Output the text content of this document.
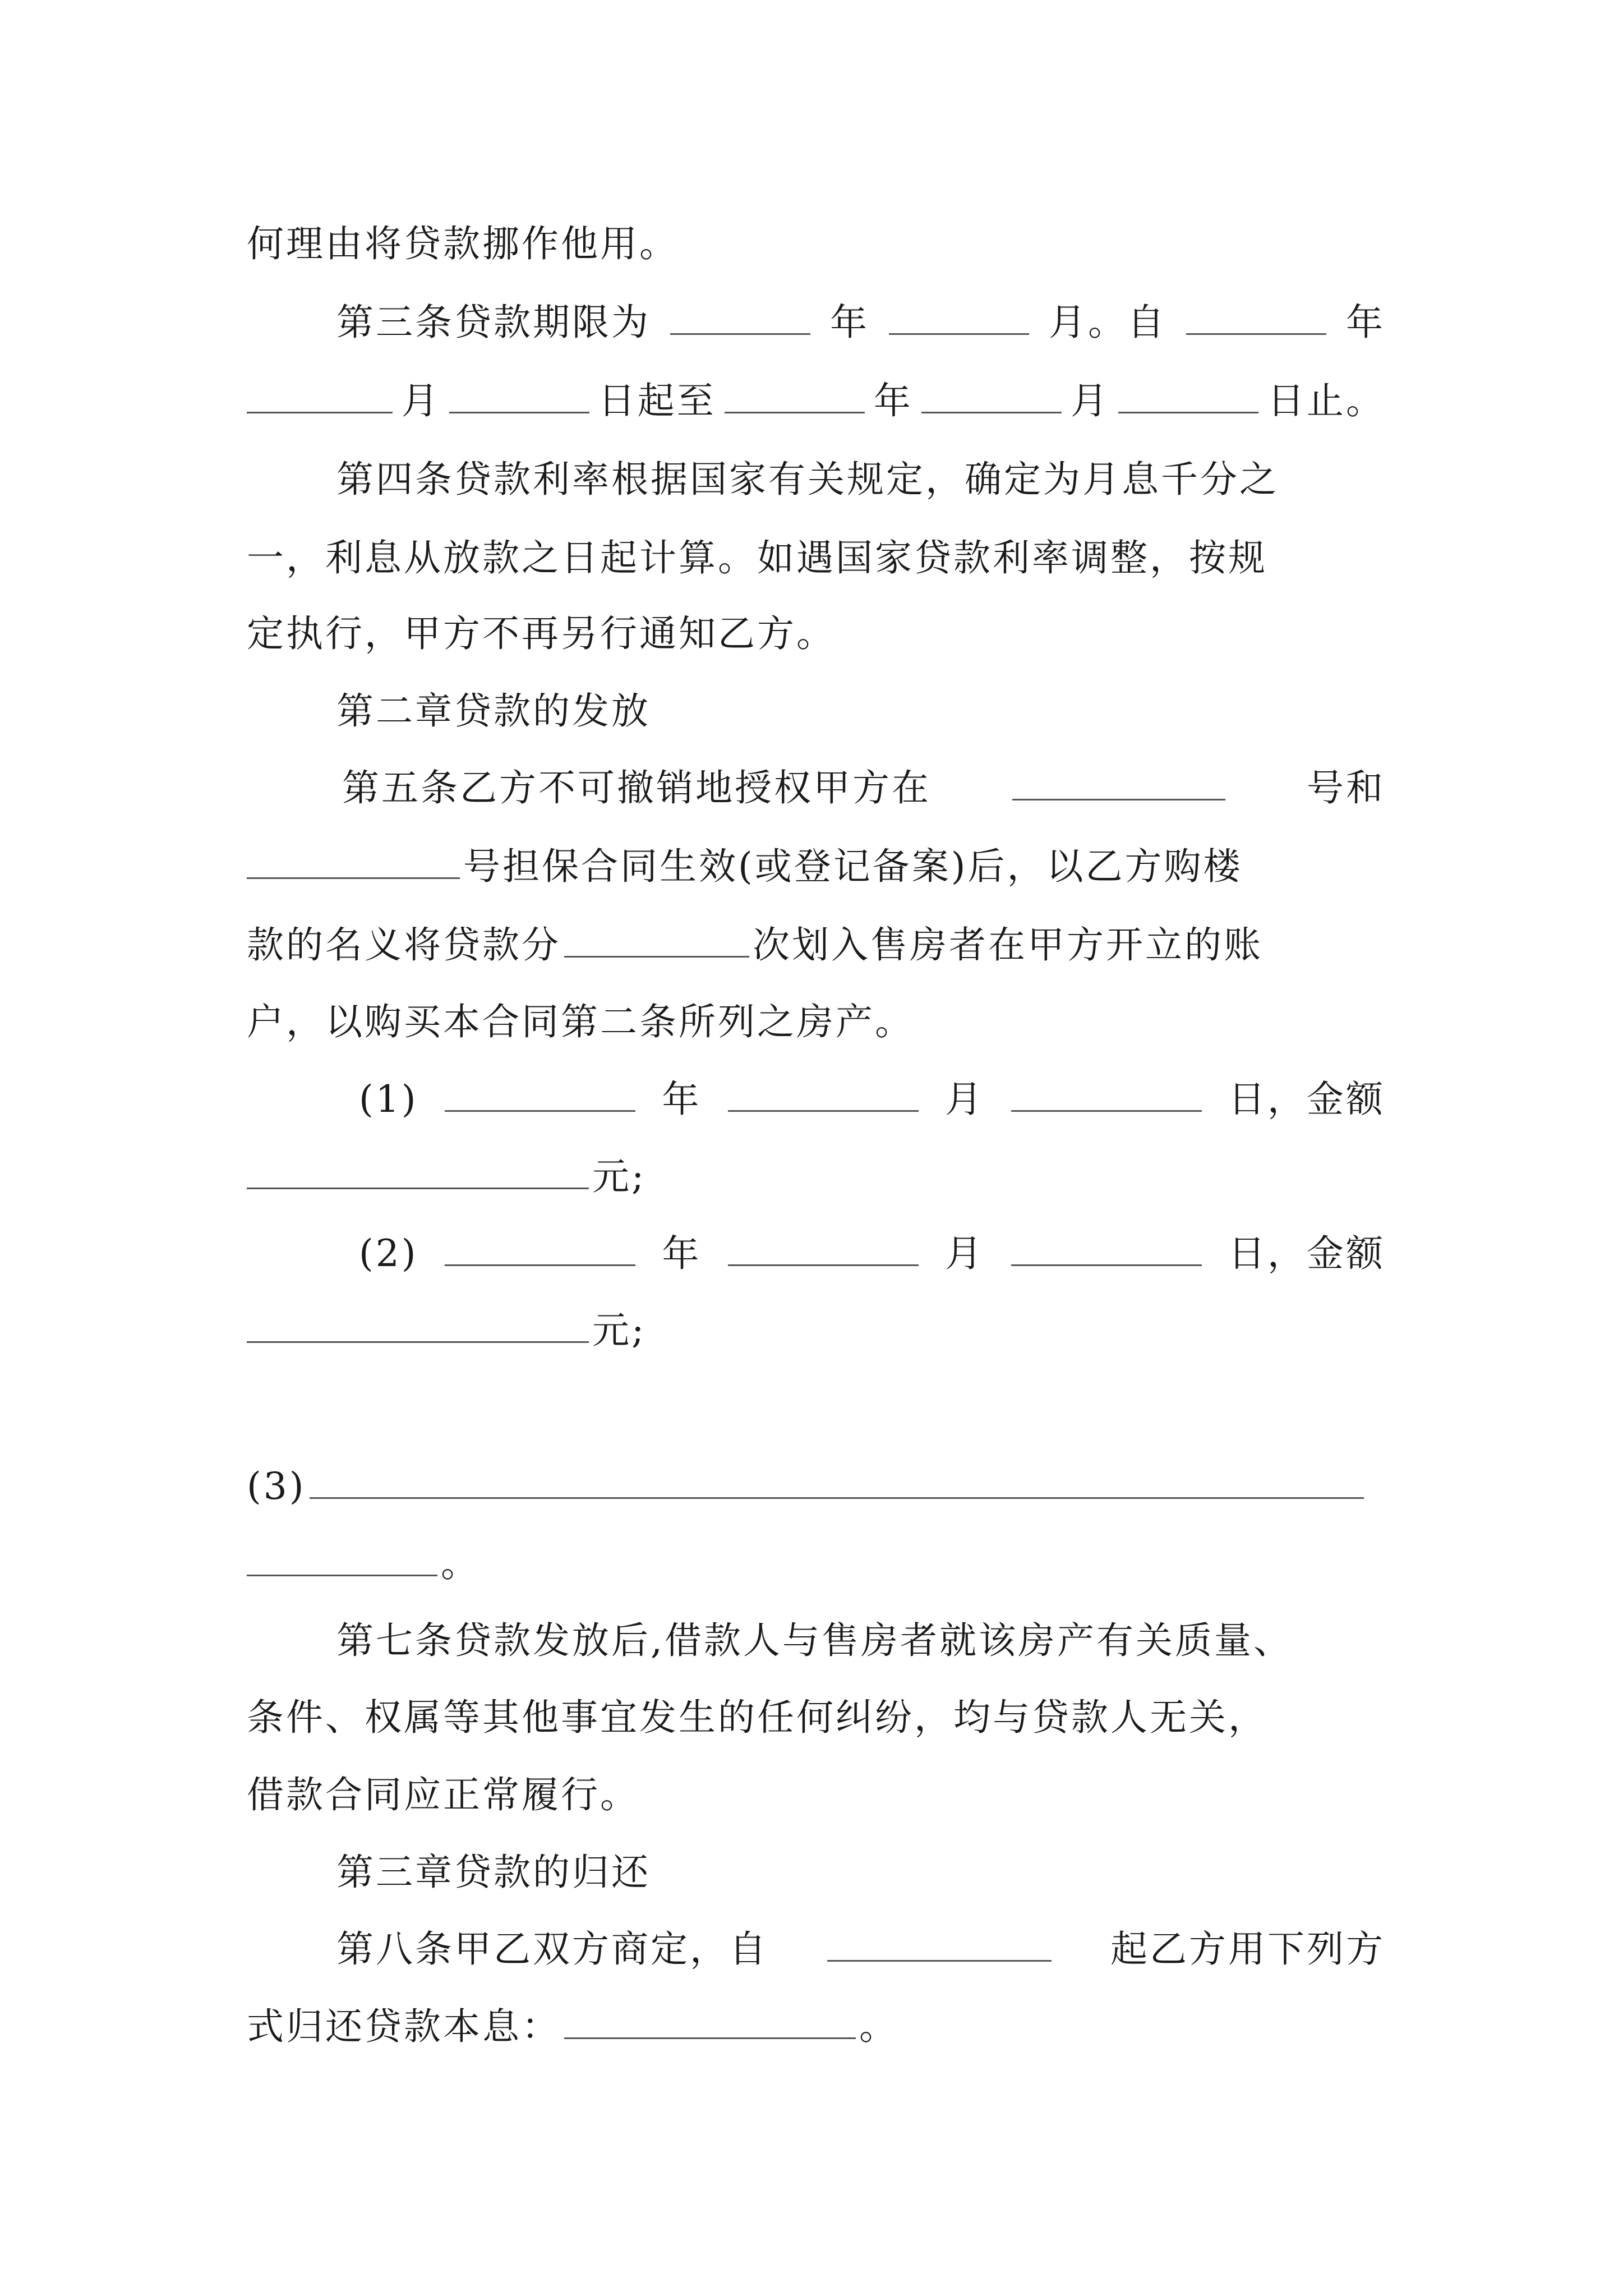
何理由将贷款挪作他用。
第三条贷款期限为	年	月。自	年
月	日起至	年	月	日止。
第四条贷款利率根据国家有关规定，确定为月息千分之
一，利息从放款之日起计算。如遇国家贷款利率调整，按规
定执行，甲方不再另行通知乙方。
第二章贷款的发放
第五条乙方不可撤销地授权甲方在	号和
号担保合同生效(或登记备案)后，以乙方购楼
款的名义将贷款分	次划入售房者在甲方开立的账
户，以购买本合同第二条所列之房产。
(1)	年	月	日，金额
元;
(2)	年	月	日，金额
元;
(3)
。
第七条贷款发放后,借款人与售房者就该房产有关质量、
条件、权属等其他事宜发生的任何纠纷，均与贷款人无关，
借款合同应正常履行。
第三章贷款的归还
第八条甲乙双方商定，自	起乙方用下列方
式归还贷款本息：	。
